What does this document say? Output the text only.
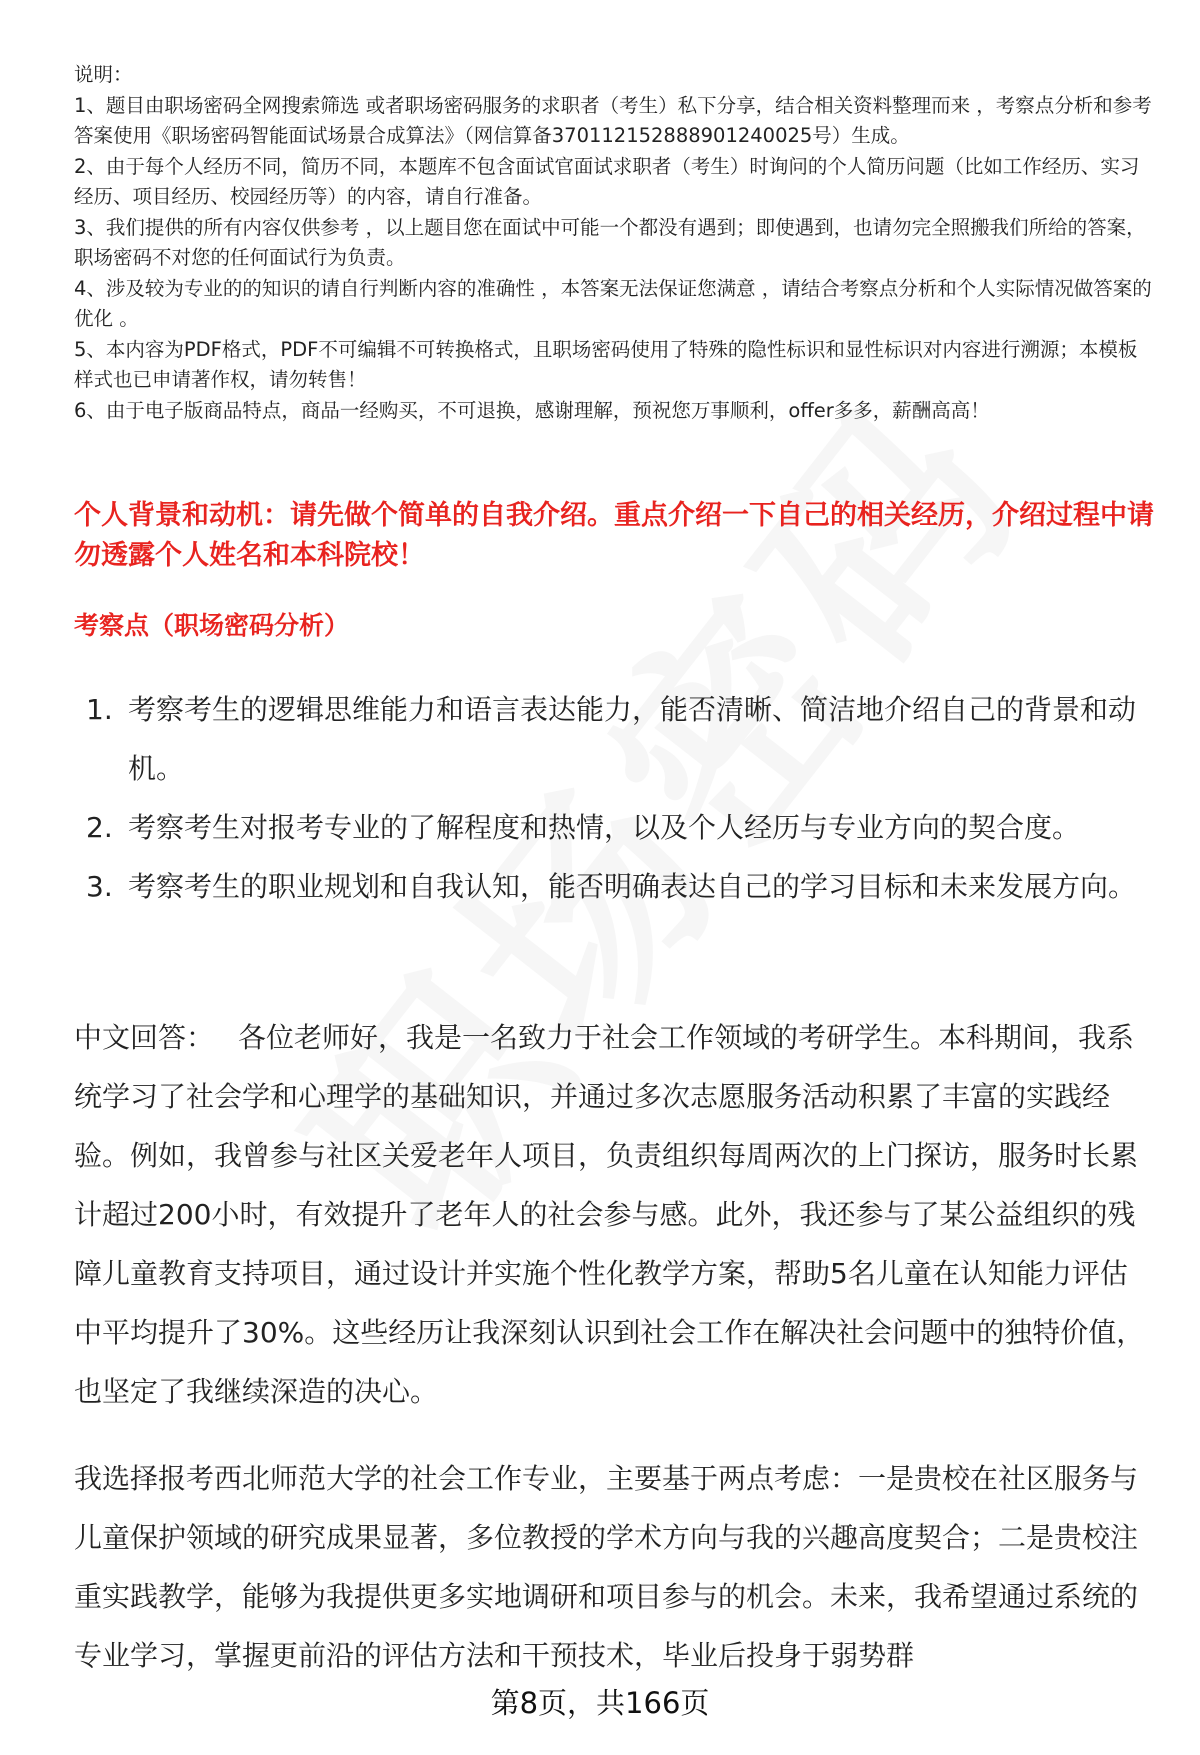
说明：

1、题目由职场密码全网搜索筛选 或者职场密码服务的求职者（考生）私下分享，结合相关资料整理而来 ，考察点分析和参考答案使用《职场密码智能面试场景合成算法》（网信算备370112152888901240025号）生成。

2、由于每个人经历不同，简历不同，本题库不包含面试官面试求职者（考生）时询问的个人简历问题（比如工作经历、实习经历、项目经历、校园经历等）的内容，请自行准备。

3、我们提供的所有内容仅供参考 ，以上题目您在面试中可能一个都没有遇到；即使遇到，也请勿完全照搬我们所给的答案，职场密码不对您的任何面试行为负责。

4、涉及较为专业的的知识的请自行判断内容的准确性 ，本答案无法保证您满意 ，请结合考察点分析和个人实际情况做答案的优化 。

5、本内容为PDF格式，PDF不可编辑不可转换格式，且职场密码使用了特殊的隐性标识和显性标识对内容进行溯源；本模板样式也已申请著作权，请勿转售！

6、由于电子版商品特点，商品一经购买，不可退换，感谢理解，预祝您万事顺利，offer多多，薪酬高高！

个人背景和动机：请先做个简单的自我介绍。重点介绍一下自己的相关经历，介绍过程中请勿透露个人姓名和本科院校！
考察点（职场密码分析）
1. 考察考生的逻辑思维能力和语言表达能力，能否清晰、简洁地介绍自己的背景和动机。
2. 考察考生对报考专业的了解程度和热情，以及个人经历与专业方向的契合度。
3. 考察考生的职业规划和自我认知，能否明确表达自己的学习目标和未来发展方向。

中文回答： 各位老师好，我是一名致力于社会工作领域的考研学生。本科期间，我系统学习了社会学和心理学的基础知识，并通过多次志愿服务活动积累了丰富的实践经验。例如，我曾参与社区关爱老年人项目，负责组织每周两次的上门探访，服务时长累计超过200小时，有效提升了老年人的社会参与感。此外，我还参与了某公益组织的残障儿童教育支持项目，通过设计并实施个性化教学方案，帮助5名儿童在认知能力评估中平均提升了30%。这些经历让我深刻认识到社会工作在解决社会问题中的独特价值，也坚定了我继续深造的决心。

我选择报考西北师范大学的社会工作专业，主要基于两点考虑：一是贵校在社区服务与儿童保护领域的研究成果显著，多位教授的学术方向与我的兴趣高度契合；二是贵校注重实践教学，能够为我提供更多实地调研和项目参与的机会。未来，我希望通过系统的专业学习，掌握更前沿的评估方法和干预技术，毕业后投身于弱势群

第8页，共166页
